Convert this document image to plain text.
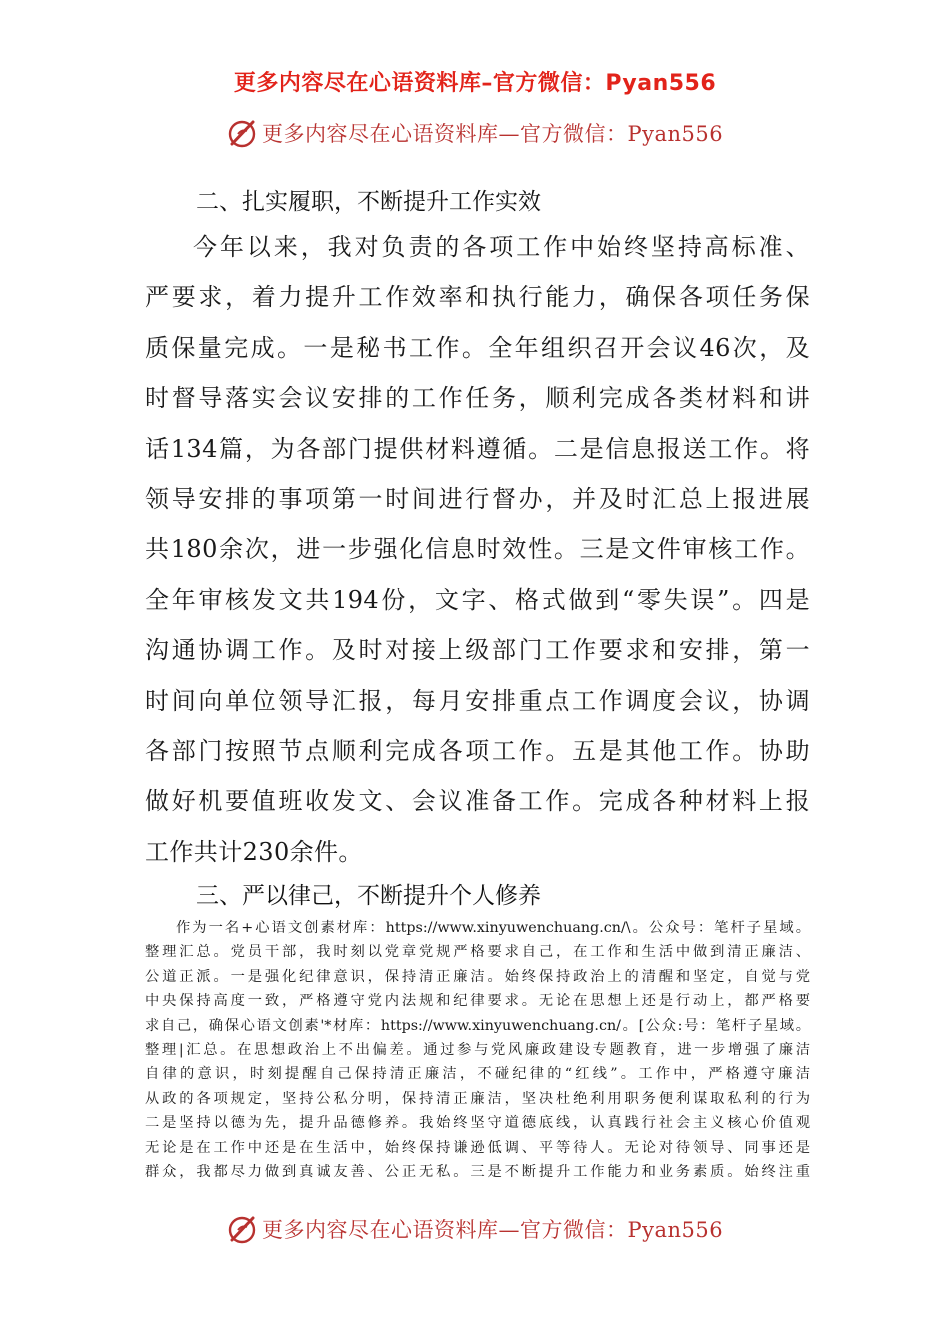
更多内容尽在心语资料库–官方微信：Pyan556
更多内容尽在心语资料库—官方微信：Pyan556
二、扎实履职，不断提升工作实效
今年以来，我对负责的各项工作中始终坚持高标准、
严要求，着力提升工作效率和执行能力，确保各项任务保
质保量完成。一是秘书工作。全年组织召开会议46次，及
时督导落实会议安排的工作任务，顺利完成各类材料和讲
话134篇，为各部门提供材料遵循。二是信息报送工作。将
领导安排的事项第一时间进行督办，并及时汇总上报进展
共180余次，进一步强化信息时效性。三是文件审核工作。
全年审核发文共194份，文字、格式做到“零失误”。四是
沟通协调工作。及时对接上级部门工作要求和安排，第一
时间向单位领导汇报，每月安排重点工作调度会议，协调
各部门按照节点顺利完成各项工作。五是其他工作。协助
做好机要值班收发文、会议准备工作。完成各种材料上报
工作共计230余件。
三、严以律己，不断提升个人修养
作为一名+心语文创素材库：https://www.xinyuwenchuang.cn/\。公众号：笔杆子星域。
整理汇总。党员干部，我时刻以党章党规严格要求自己，在工作和生活中做到清正廉洁、
公道正派。一是强化纪律意识，保持清正廉洁。始终保持政治上的清醒和坚定，自觉与党
中央保持高度一致，严格遵守党内法规和纪律要求。无论在思想上还是行动上，都严格要
求自己，确保心语文创素'*材库：https://www.xinyuwenchuang.cn/。[公众:号：笔杆子星域。
整理|汇总。在思想政治上不出偏差。通过参与党风廉政建设专题教育，进一步增强了廉洁
自律的意识，时刻提醒自己保持清正廉洁，不碰纪律的“红线”。工作中，严格遵守廉洁
从政的各项规定，坚持公私分明，保持清正廉洁，坚决杜绝利用职务便利谋取私利的行为
二是坚持以德为先，提升品德修养。我始终坚守道德底线，认真践行社会主义核心价值观
无论是在工作中还是在生活中，始终保持谦逊低调、平等待人。无论对待领导、同事还是
群众，我都尽力做到真诚友善、公正无私。三是不断提升工作能力和业务素质。始终注重
更多内容尽在心语资料库—官方微信：Pyan556
